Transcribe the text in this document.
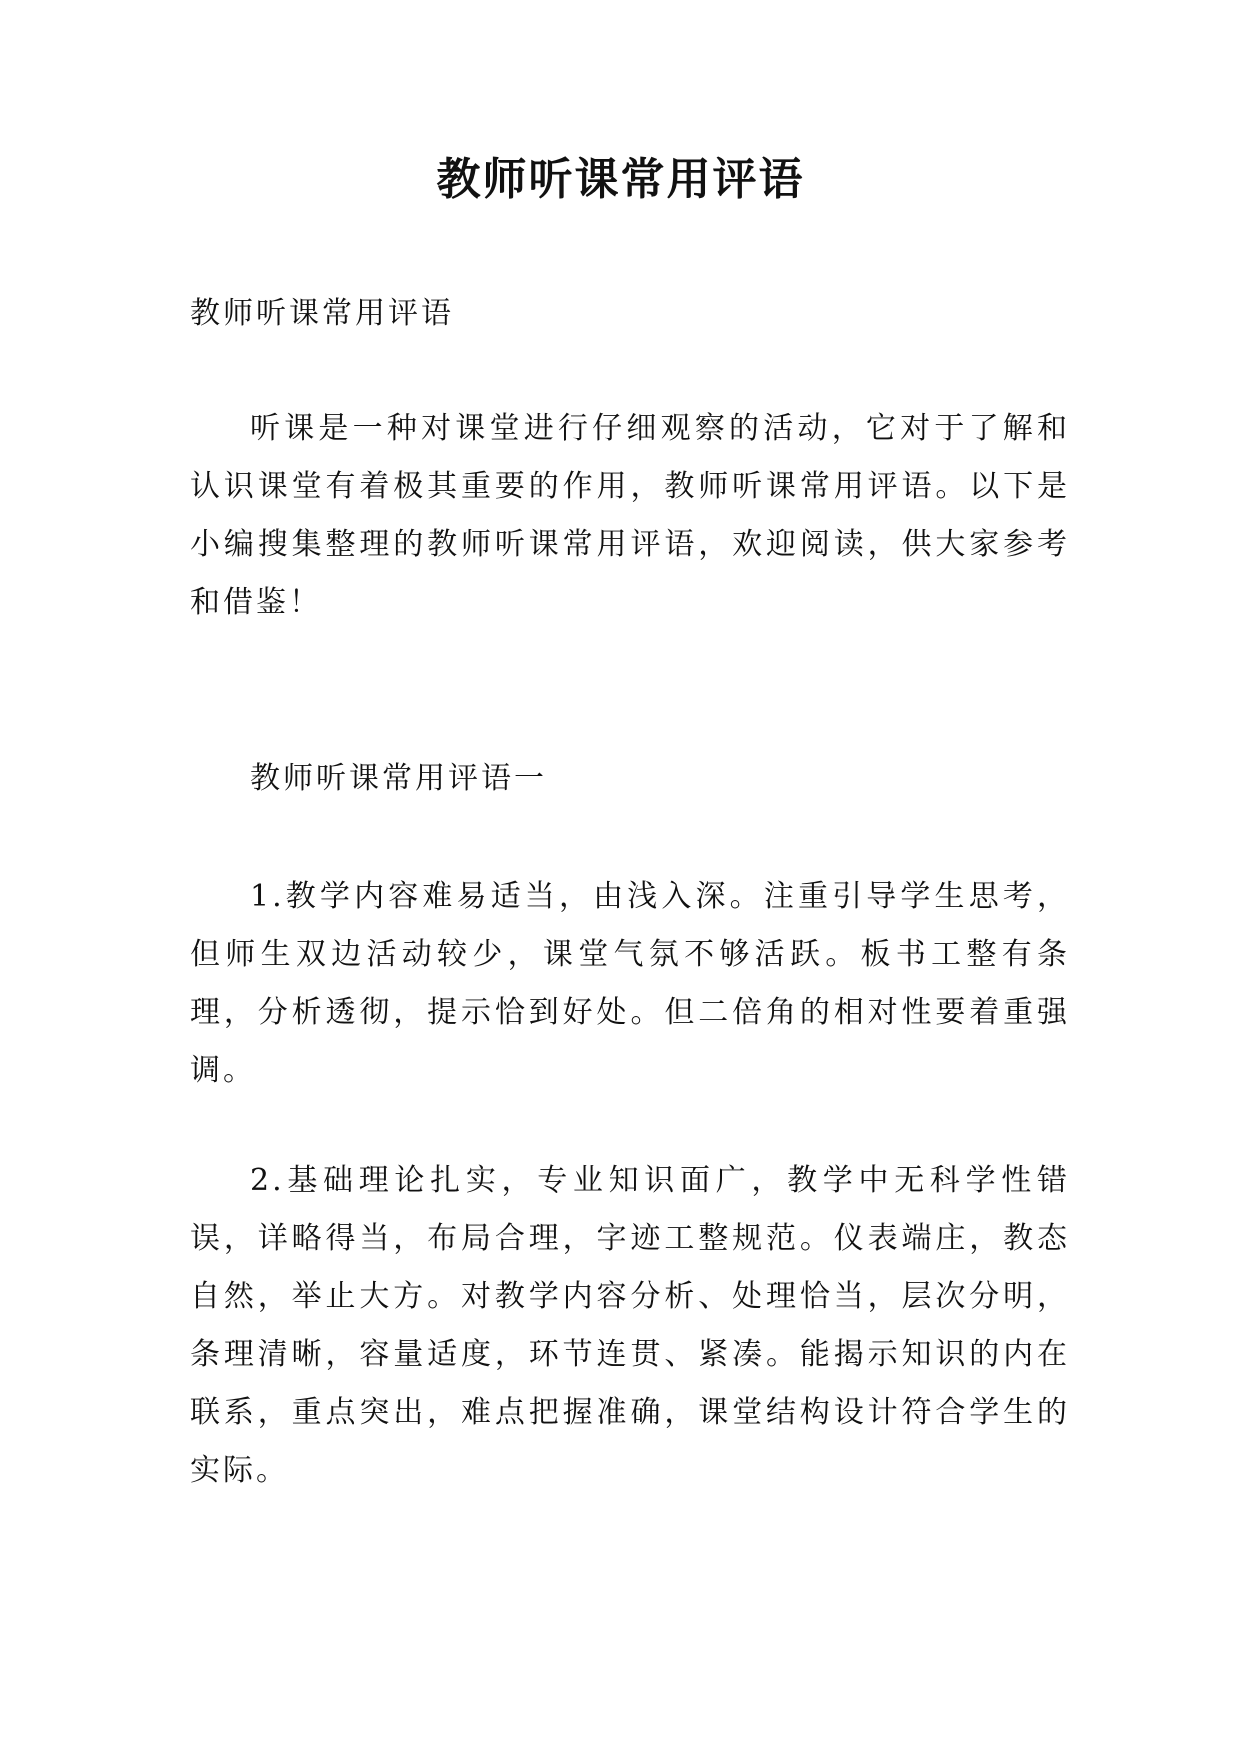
教师听课常用评语

教师听课常用评语

听课是一种对课堂进行仔细观察的活动，它对于了解和认识课堂有着极其重要的作用，教师听课常用评语。以下是小编搜集整理的教师听课常用评语，欢迎阅读，供大家参考和借鉴！

教师听课常用评语一

1.教学内容难易适当，由浅入深。注重引导学生思考，但师生双边活动较少，课堂气氛不够活跃。板书工整有条理，分析透彻，提示恰到好处。但二倍角的相对性要着重强调。

2.基础理论扎实，专业知识面广，教学中无科学性错误，详略得当，布局合理，字迹工整规范。仪表端庄，教态自然，举止大方。对教学内容分析、处理恰当，层次分明，条理清晰，容量适度，环节连贯、紧凑。能揭示知识的内在联系，重点突出，难点把握准确，课堂结构设计符合学生的实际。
